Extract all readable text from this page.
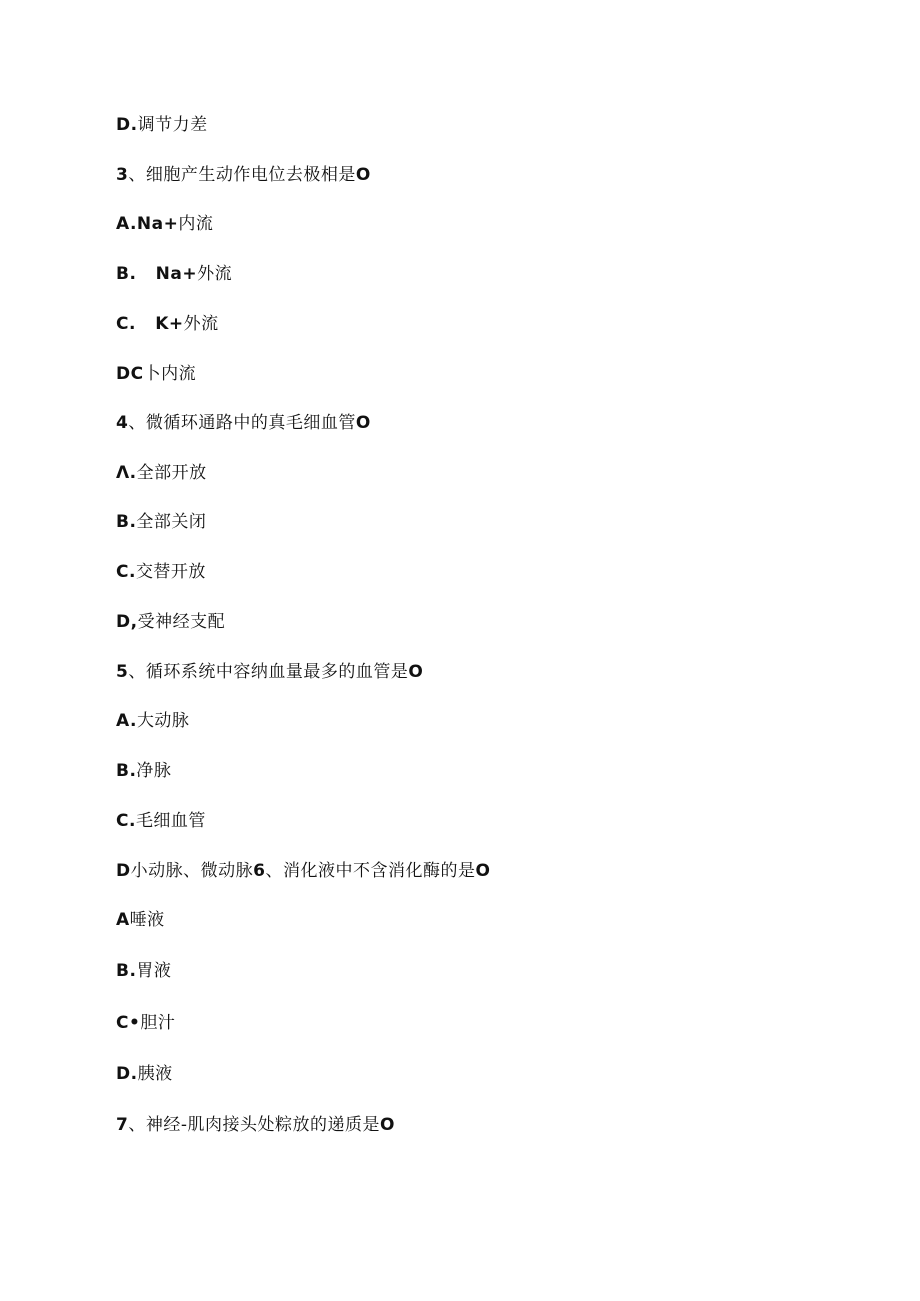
D.调节力差
3、细胞产生动作电位去极相是O
A.Na+内流
B.   Na+外流
C.   K+外流
DC卜内流
4、微循环通路中的真毛细血管O
Λ.全部开放
B.全部关闭
C.交替开放
D,受神经支配
5、循环系统中容纳血量最多的血管是O
A.大动脉
B.净脉
C.毛细血管
D小动脉、微动脉6、消化液中不含消化酶的是O
A唾液
B.胃液
C•胆汁
D.胰液
7、神经-肌肉接头处粽放的递质是O
